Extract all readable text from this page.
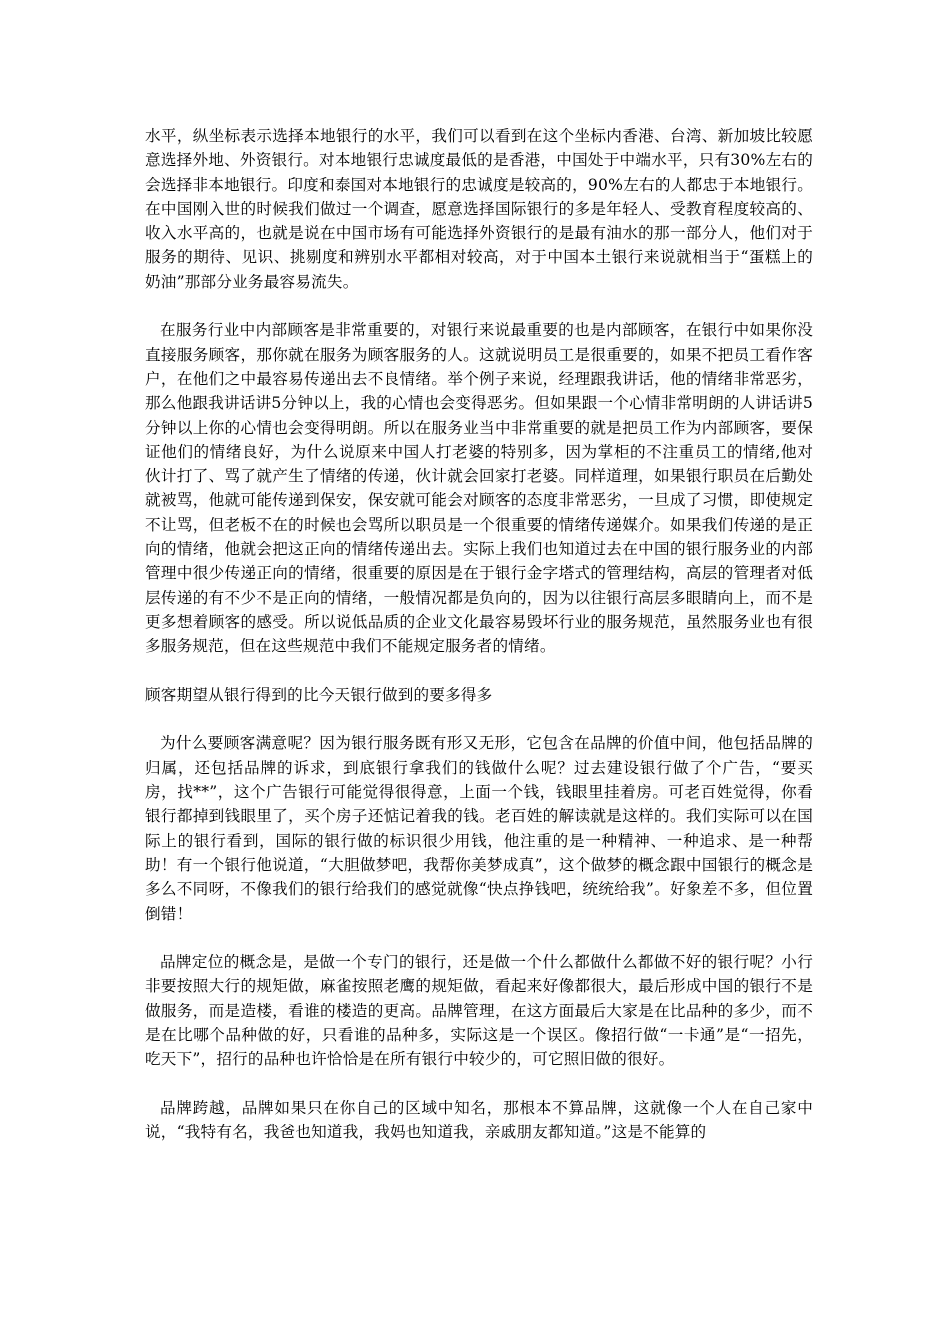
水平，纵坐标表示选择本地银行的水平，我们可以看到在这个坐标内香港、台湾、新加坡比较愿意选择外地、外资银行。对本地银行忠诚度最低的是香港，中国处于中端水平，只有30%左右的会选择非本地银行。印度和泰国对本地银行的忠诚度是较高的，90%左右的人都忠于本地银行。在中国刚入世的时候我们做过一个调查，愿意选择国际银行的多是年轻人、受教育程度较高的、收入水平高的，也就是说在中国市场有可能选择外资银行的是最有油水的那一部分人，他们对于服务的期待、见识、挑剔度和辨别水平都相对较高，对于中国本土银行来说就相当于“蛋糕上的奶油”那部分业务最容易流失。

在服务行业中内部顾客是非常重要的，对银行来说最重要的也是内部顾客，在银行中如果你没直接服务顾客，那你就在服务为顾客服务的人。这就说明员工是很重要的，如果不把员工看作客户，在他们之中最容易传递出去不良情绪。举个例子来说，经理跟我讲话，他的情绪非常恶劣，那么他跟我讲话讲5分钟以上，我的心情也会变得恶劣。但如果跟一个心情非常明朗的人讲话讲5分钟以上你的心情也会变得明朗。所以在服务业当中非常重要的就是把员工作为内部顾客，要保证他们的情绪良好，为什么说原来中国人打老婆的特别多，因为掌柜的不注重员工的情绪,他对伙计打了、骂了就产生了情绪的传递，伙计就会回家打老婆。同样道理，如果银行职员在后勤处就被骂，他就可能传递到保安，保安就可能会对顾客的态度非常恶劣，一旦成了习惯，即使规定不让骂，但老板不在的时候也会骂所以职员是一个很重要的情绪传递媒介。如果我们传递的是正向的情绪，他就会把这正向的情绪传递出去。实际上我们也知道过去在中国的银行服务业的内部管理中很少传递正向的情绪，很重要的原因是在于银行金字塔式的管理结构，高层的管理者对低层传递的有不少不是正向的情绪，一般情况都是负向的，因为以往银行高层多眼睛向上，而不是更多想着顾客的感受。所以说低品质的企业文化最容易毁坏行业的服务规范，虽然服务业也有很多服务规范，但在这些规范中我们不能规定服务者的情绪。

顾客期望从银行得到的比今天银行做到的要多得多

为什么要顾客满意呢？因为银行服务既有形又无形，它包含在品牌的价值中间，他包括品牌的归属，还包括品牌的诉求，到底银行拿我们的钱做什么呢？过去建设银行做了个广告，“要买房，找**”，这个广告银行可能觉得很得意，上面一个钱，钱眼里挂着房。可老百姓觉得，你看银行都掉到钱眼里了，买个房子还惦记着我的钱。老百姓的解读就是这样的。我们实际可以在国际上的银行看到，国际的银行做的标识很少用钱，他注重的是一种精神、一种追求、是一种帮助！有一个银行他说道，“大胆做梦吧，我帮你美梦成真”，这个做梦的概念跟中国银行的概念是多么不同呀，不像我们的银行给我们的感觉就像“快点挣钱吧，统统给我”。好象差不多，但位置倒错！

品牌定位的概念是，是做一个专门的银行，还是做一个什么都做什么都做不好的银行呢？小行非要按照大行的规矩做，麻雀按照老鹰的规矩做，看起来好像都很大，最后形成中国的银行不是做服务，而是造楼，看谁的楼造的更高。品牌管理，在这方面最后大家是在比品种的多少，而不是在比哪个品种做的好，只看谁的品种多，实际这是一个误区。像招行做“一卡通”是“一招先，吃天下”，招行的品种也许恰恰是在所有银行中较少的，可它照旧做的很好。

品牌跨越，品牌如果只在你自己的区域中知名，那根本不算品牌，这就像一个人在自己家中说，“我特有名，我爸也知道我，我妈也知道我，亲戚朋友都知道。”这是不能算的
